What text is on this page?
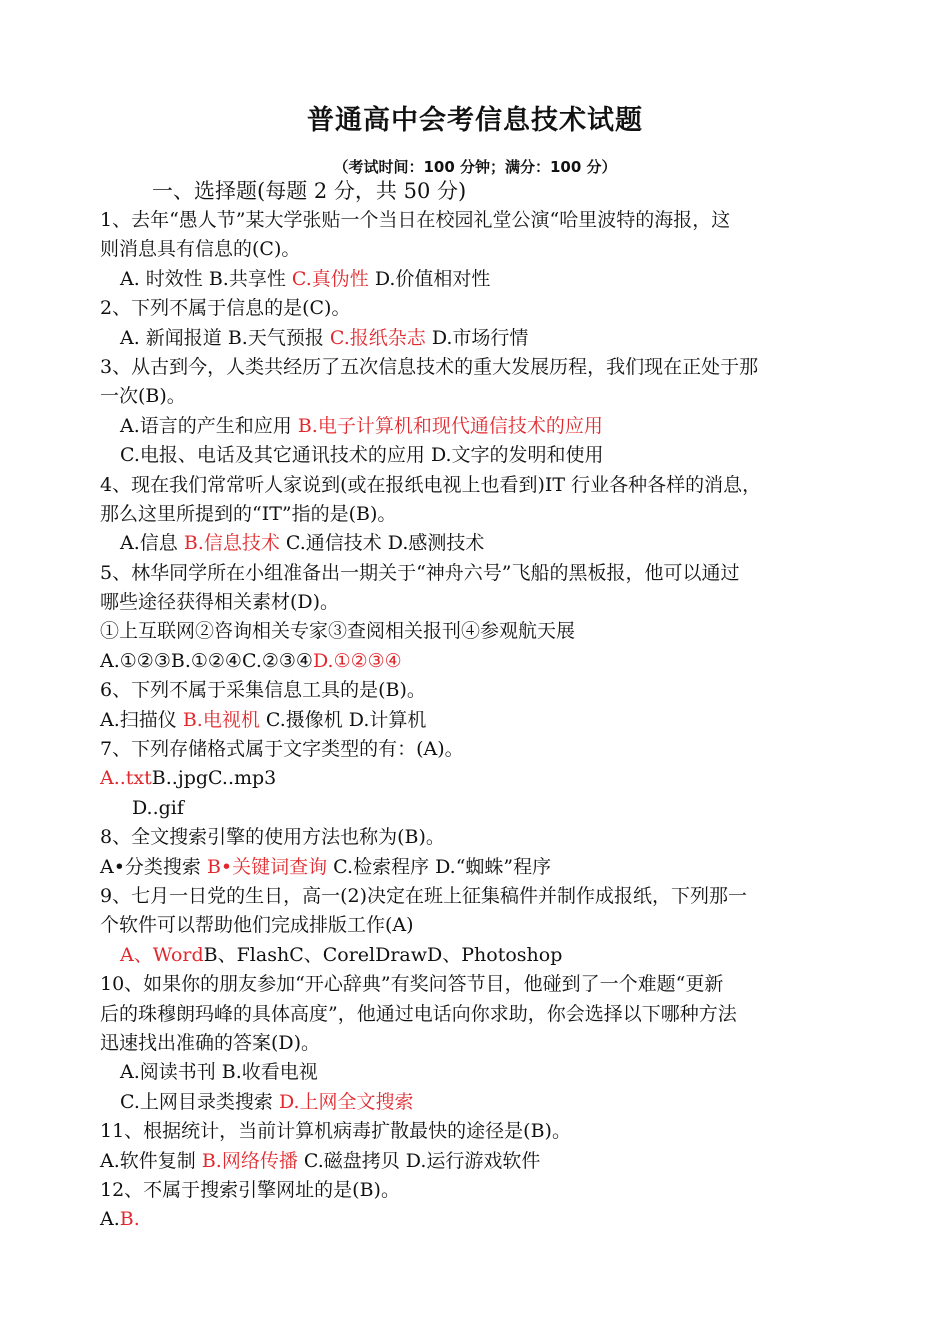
普通高中会考信息技术试题
（考试时间：100 分钟；满分：100 分）
一、选择题(每题 2 分，共 50 分)
1、去年“愚人节”某大学张贴一个当日在校园礼堂公演“哈里波特的海报，这
则消息具有信息的(C)。
A. 时效性 B.共享性 C.真伪性 D.价值相对性
2、下列不属于信息的是(C)。
A. 新闻报道 B.天气预报 C.报纸杂志 D.市场行情
3、从古到今，人类共经历了五次信息技术的重大发展历程，我们现在正处于那
一次(B)。
A.语言的产生和应用 B.电子计算机和现代通信技术的应用
C.电报、电话及其它通讯技术的应用 D.文字的发明和使用
4、现在我们常常听人家说到(或在报纸电视上也看到)IT 行业各种各样的消息，
那么这里所提到的“IT”指的是(B)。
A.信息 B.信息技术 C.通信技术 D.感测技术
5、林华同学所在小组准备出一期关于“神舟六号”飞船的黑板报，他可以通过
哪些途径获得相关素材(D)。
①上互联网②咨询相关专家③查阅相关报刊④参观航天展
A.①②③B.①②④C.②③④D.①②③④
6、下列不属于采集信息工具的是(B)。
A.扫描仪 B.电视机 C.摄像机 D.计算机
7、下列存储格式属于文字类型的有：(A)。
A..txtB..jpgC..mp3
D..gif
8、全文搜索引擎的使用方法也称为(B)。
A•分类搜索 B•关键词查询 C.检索程序 D.“蜘蛛”程序
9、七月一日党的生日，高一(2)决定在班上征集稿件并制作成报纸，下列那一
个软件可以帮助他们完成排版工作(A)
A、WordB、FlashC、CorelDrawD、Photoshop
10、如果你的朋友参加“开心辞典”有奖问答节目，他碰到了一个难题“更新
后的珠穆朗玛峰的具体高度”，他通过电话向你求助，你会选择以下哪种方法
迅速找出准确的答案(D)。
A.阅读书刊 B.收看电视
C.上网目录类搜索 D.上网全文搜索
11、根据统计，当前计算机病毒扩散最快的途径是(B)。
A.软件复制 B.网络传播 C.磁盘拷贝 D.运行游戏软件
12、不属于搜索引擎网址的是(B)。
A.B.
